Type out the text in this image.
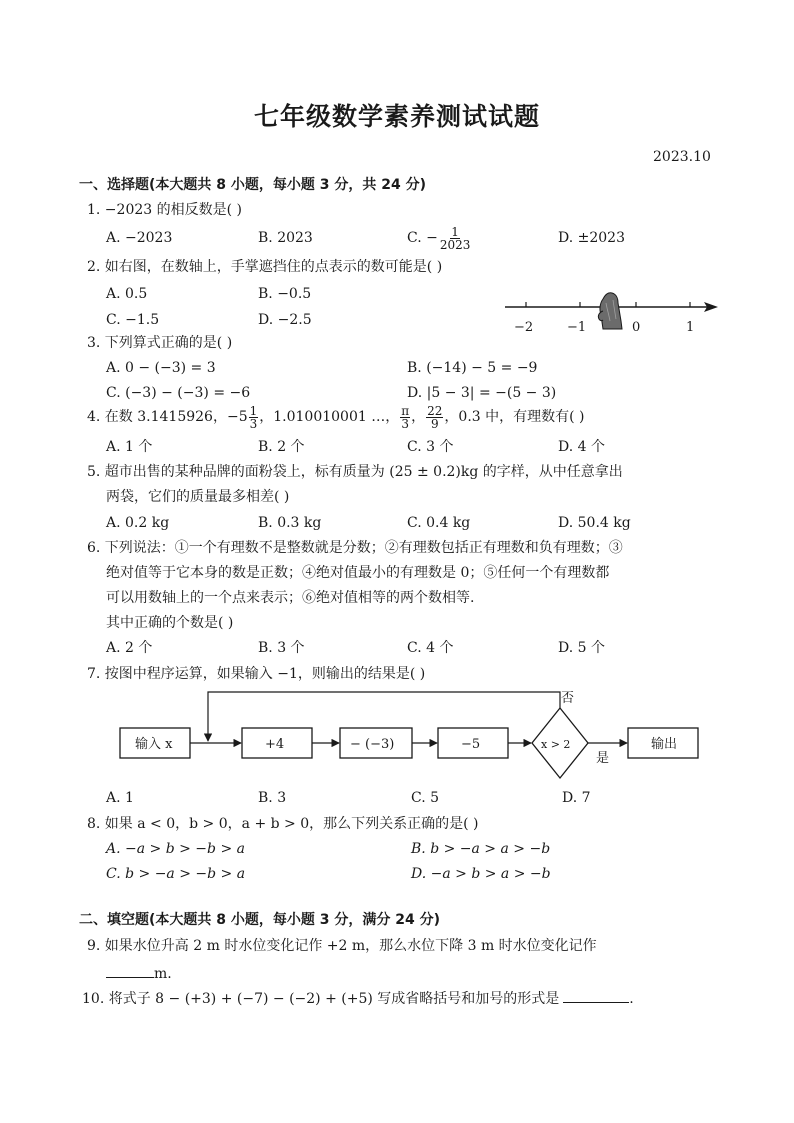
七年级数学素养测试试题
2023.10
一、选择题(本大题共 8 小题，每小题 3 分，共 24 分)
1. −2023 的相反数是( )
A. −2023	B. 2023	C. − $\frac{1}{2023}$	D. ±2023
2. 如右图，在数轴上，手掌遮挡住的点表示的数可能是( )
A. 0.5	B. −0.5
C. −1.5	D. −2.5	−2	−1	0	1
3. 下列算式正确的是( )
A. 0 − (−3) = 3	B. (−14) − 5 = −9
C. (−3) − (−3) = −6	D. |5 − 3| = −(5 − 3)
4. 在数 3.1415926，$-5 \frac{1}{3}$ ，1.010010001 …， $\frac{\pi}{3}$ ， $\frac{22}{9}$ ，0.3 中，有理数有( )
A. 1 个	B. 2 个	C. 3 个	D. 4 个
5. 超市出售的某种品牌的面粉袋上，标有质量为 (25 ± 0.2)kg 的字样，从中任意拿出
两袋，它们的质量最多相差( )
A. 0.2 kg	B. 0.3 kg	C. 0.4 kg	D. 50.4 kg
6. 下列说法：①一个有理数不是整数就是分数；②有理数包括正有理数和负有理数；③
绝对值等于它本身的数是正数；④绝对值最小的有理数是 0；⑤任何一个有理数都
可以用数轴上的一个点来表示；⑥绝对值相等的两个数相等.
其中正确的个数是( )
A. 2 个	B. 3 个	C. 4 个	D. 5 个
7. 按图中程序运算，如果输入 −1，则输出的结果是( )
输入 x	+4	− (−3)	−5	x > 2	输出
否
是
A. 1	B. 3	C. 5	D. 7
8. 如果 a < 0，b > 0，a + b > 0，那么下列关系正确的是( )
A. −a > b > −b > a	B. b > −a > a > −b
C. b > −a > −b > a	D. −a > b > a > −b
二、填空题(本大题共 8 小题，每小题 3 分，满分 24 分)
9. 如果水位升高 2 m 时水位变化记作 +2 m，那么水位下降 3 m 时水位变化记作
m.
10. 将式子 8 − (+3) + (−7) − (−2) + (+5) 写成省略括号和加号的形式是	.
